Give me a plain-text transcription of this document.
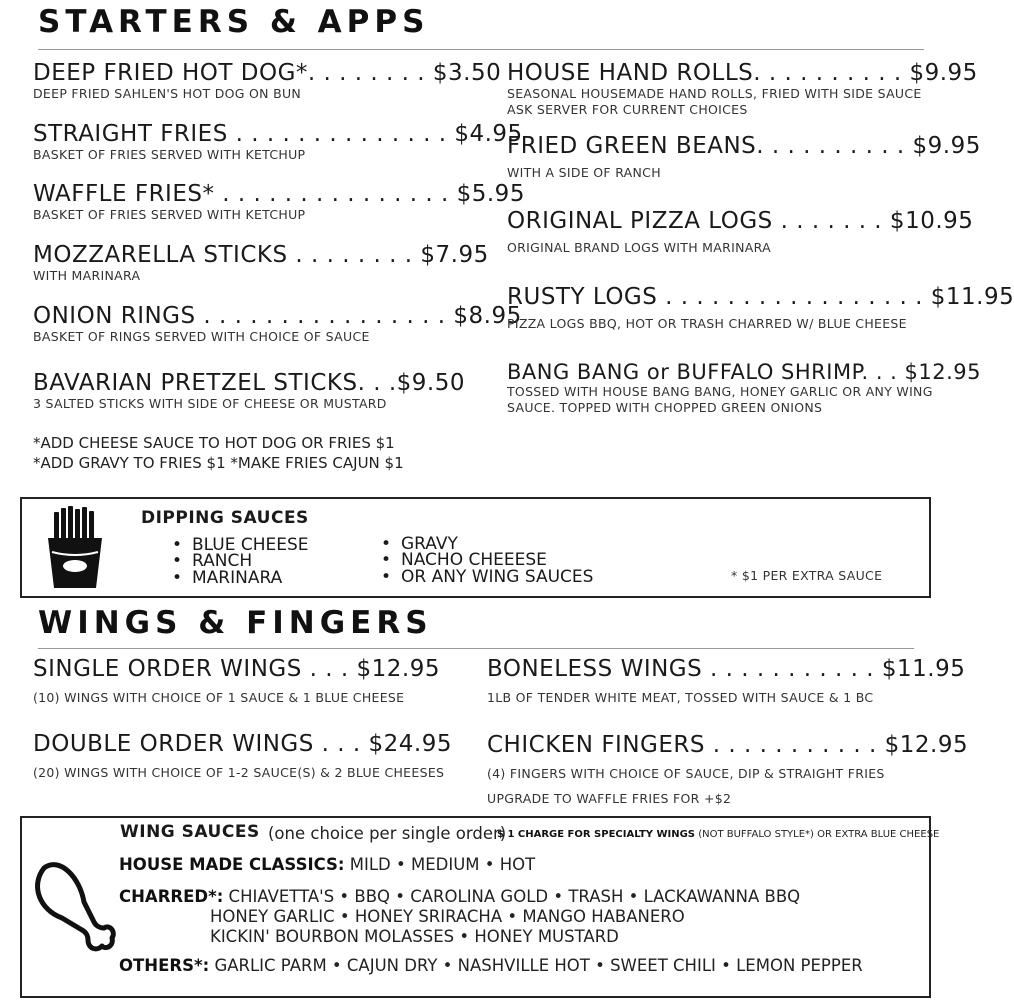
STARTERS & APPS
DEEP FRIED HOT DOG*. . . . . . . . $3.50
DEEP FRIED SAHLEN'S HOT DOG ON BUN
STRAIGHT FRIES . . . . . . . . . . . . . . $4.95
BASKET OF FRIES SERVED WITH KETCHUP
WAFFLE FRIES* . . . . . . . . . . . . . . . $5.95
BASKET OF FRIES SERVED WITH KETCHUP
MOZZARELLA STICKS . . . . . . . . $7.95
WITH MARINARA
ONION RINGS . . . . . . . . . . . . . . . . $8.95
BASKET OF RINGS SERVED WITH CHOICE OF SAUCE
BAVARIAN PRETZEL STICKS. . .$9.50
3 SALTED STICKS WITH SIDE OF CHEESE OR MUSTARD
*ADD CHEESE SAUCE TO HOT DOG OR FRIES $1
*ADD GRAVY TO FRIES $1 *MAKE FRIES CAJUN $1
HOUSE HAND ROLLS. . . . . . . . . . $9.95
SEASONAL HOUSEMADE HAND ROLLS, FRIED WITH SIDE SAUCE
ASK SERVER FOR CURRENT CHOICES
FRIED GREEN BEANS. . . . . . . . . . $9.95
WITH A SIDE OF RANCH
ORIGINAL PIZZA LOGS . . . . . . . $10.95
ORIGINAL BRAND LOGS WITH MARINARA
RUSTY LOGS . . . . . . . . . . . . . . . . . $11.95
PIZZA LOGS BBQ, HOT OR TRASH CHARRED W/ BLUE CHEESE
BANG BANG or BUFFALO SHRIMP. . . $12.95
TOSSED WITH HOUSE BANG BANG, HONEY GARLIC OR ANY WING
SAUCE. TOPPED WITH CHOPPED GREEN ONIONS
DIPPING SAUCES
• BLUE CHEESE
• RANCH
• MARINARA
• GRAVY
• NACHO CHEEESE
• OR ANY WING SAUCES	* $1 PER EXTRA SAUCE
WINGS & FINGERS
SINGLE ORDER WINGS . . . $12.95
(10) WINGS WITH CHOICE OF 1 SAUCE & 1 BLUE CHEESE
DOUBLE ORDER WINGS . . . $24.95
(20) WINGS WITH CHOICE OF 1-2 SAUCE(S) & 2 BLUE CHEESES
BONELESS WINGS . . . . . . . . . . . $11.95
1LB OF TENDER WHITE MEAT, TOSSED WITH SAUCE & 1 BC
CHICKEN FINGERS . . . . . . . . . . . $12.95
(4) FINGERS WITH CHOICE OF SAUCE, DIP & STRAIGHT FRIES
UPGRADE TO WAFFLE FRIES FOR +$2
WING SAUCES (one choice per single order)
$ 1 CHARGE FOR SPECIALTY WINGS (NOT BUFFALO STYLE*) OR EXTRA BLUE CHEESE
HOUSE MADE CLASSICS: MILD • MEDIUM • HOT
CHARRED*: CHIAVETTA'S • BBQ • CAROLINA GOLD • TRASH • LACKAWANNA BBQ
HONEY GARLIC • HONEY SRIRACHA • MANGO HABANERO
KICKIN' BOURBON MOLASSES • HONEY MUSTARD
OTHERS*: GARLIC PARM • CAJUN DRY • NASHVILLE HOT • SWEET CHILI • LEMON PEPPER
